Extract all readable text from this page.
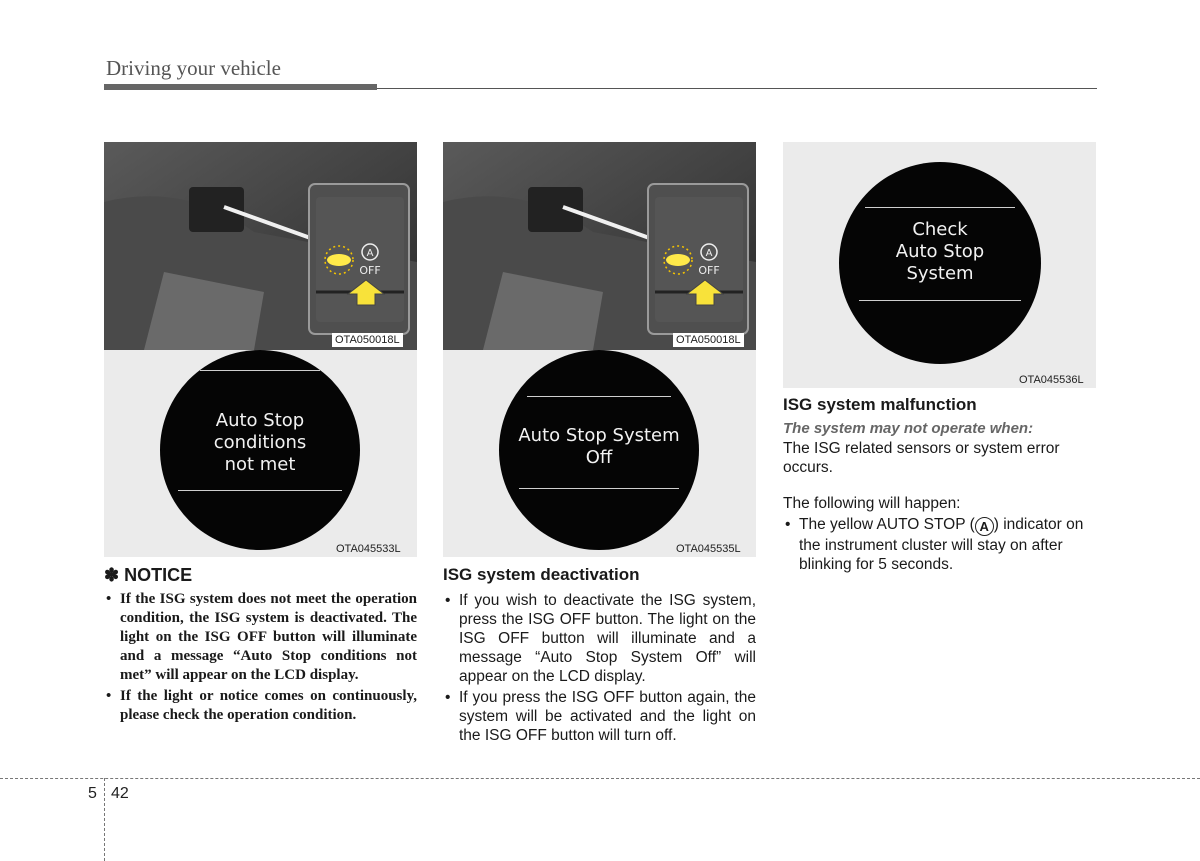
Driving your vehicle
A
OFF
OTA050018L
Auto Stop
conditions
not met
OTA045533L
A
OFF
OTA050018L
Auto Stop System
Off
OTA045535L
Check
Auto Stop
System
OTA045536L
✽ NOTICE
• If the ISG system does not meet the operation condition, the ISG system is deactivated. The light on the ISG OFF button will illuminate and a message “Auto Stop conditions not met” will appear on the LCD display.
• If the light or notice comes on continuously, please check the operation condition.
ISG system deactivation
• If you wish to deactivate the ISG system, press the ISG OFF button. The light on the ISG OFF button will illuminate and a message “Auto Stop System Off” will appear on the LCD display.
• If you press the ISG OFF button again, the system will be activated and the light on the ISG OFF button will turn off.
ISG system malfunction
The system may not operate when:
The ISG related sensors or system error occurs.
The following will happen:
• The yellow AUTO STOP ( A ) indicator on the instrument cluster will stay on after blinking for 5 seconds.
5 42
